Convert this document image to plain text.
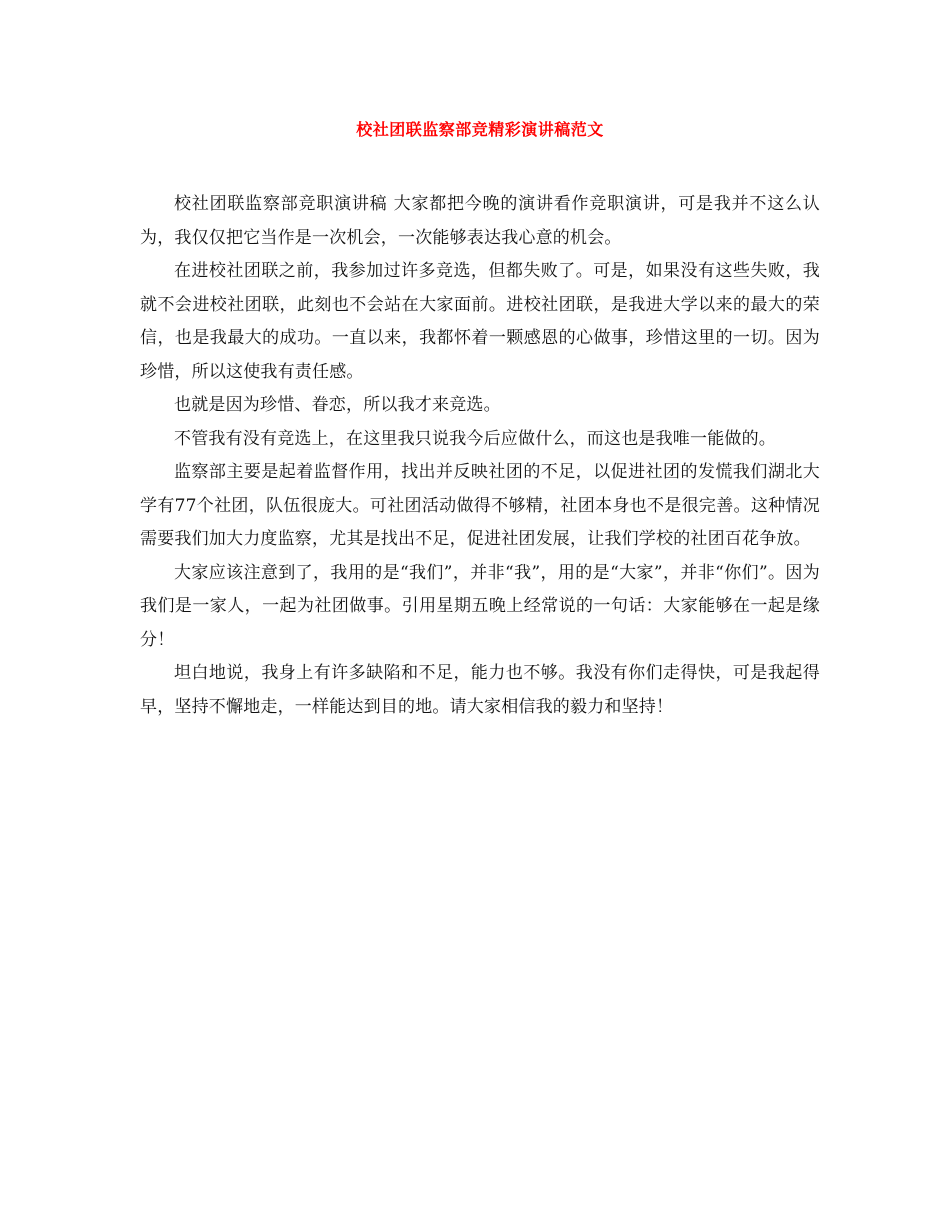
校社团联监察部竞精彩演讲稿范文

校社团联监察部竞职演讲稿 大家都把今晚的演讲看作竞职演讲，可是我并不这么认为，我仅仅把它当作是一次机会，一次能够表达我心意的机会。

在进校社团联之前，我参加过许多竞选，但都失败了。可是，如果没有这些失败，我就不会进校社团联，此刻也不会站在大家面前。进校社团联，是我进大学以来的最大的荣信，也是我最大的成功。一直以来，我都怀着一颗感恩的心做事，珍惜这里的一切。因为珍惜，所以这使我有责任感。

也就是因为珍惜、眷恋，所以我才来竞选。

不管我有没有竞选上，在这里我只说我今后应做什么，而这也是我唯一能做的。

监察部主要是起着监督作用，找出并反映社团的不足，以促进社团的发慌我们湖北大学有77个社团，队伍很庞大。可社团活动做得不够精，社团本身也不是很完善。这种情况需要我们加大力度监察，尤其是找出不足，促进社团发展，让我们学校的社团百花争放。

大家应该注意到了，我用的是“我们”，并非“我”，用的是“大家”，并非“你们”。因为我们是一家人，一起为社团做事。引用星期五晚上经常说的一句话：大家能够在一起是缘分！

坦白地说，我身上有许多缺陷和不足，能力也不够。我没有你们走得快，可是我起得早，坚持不懈地走，一样能达到目的地。请大家相信我的毅力和坚持！
